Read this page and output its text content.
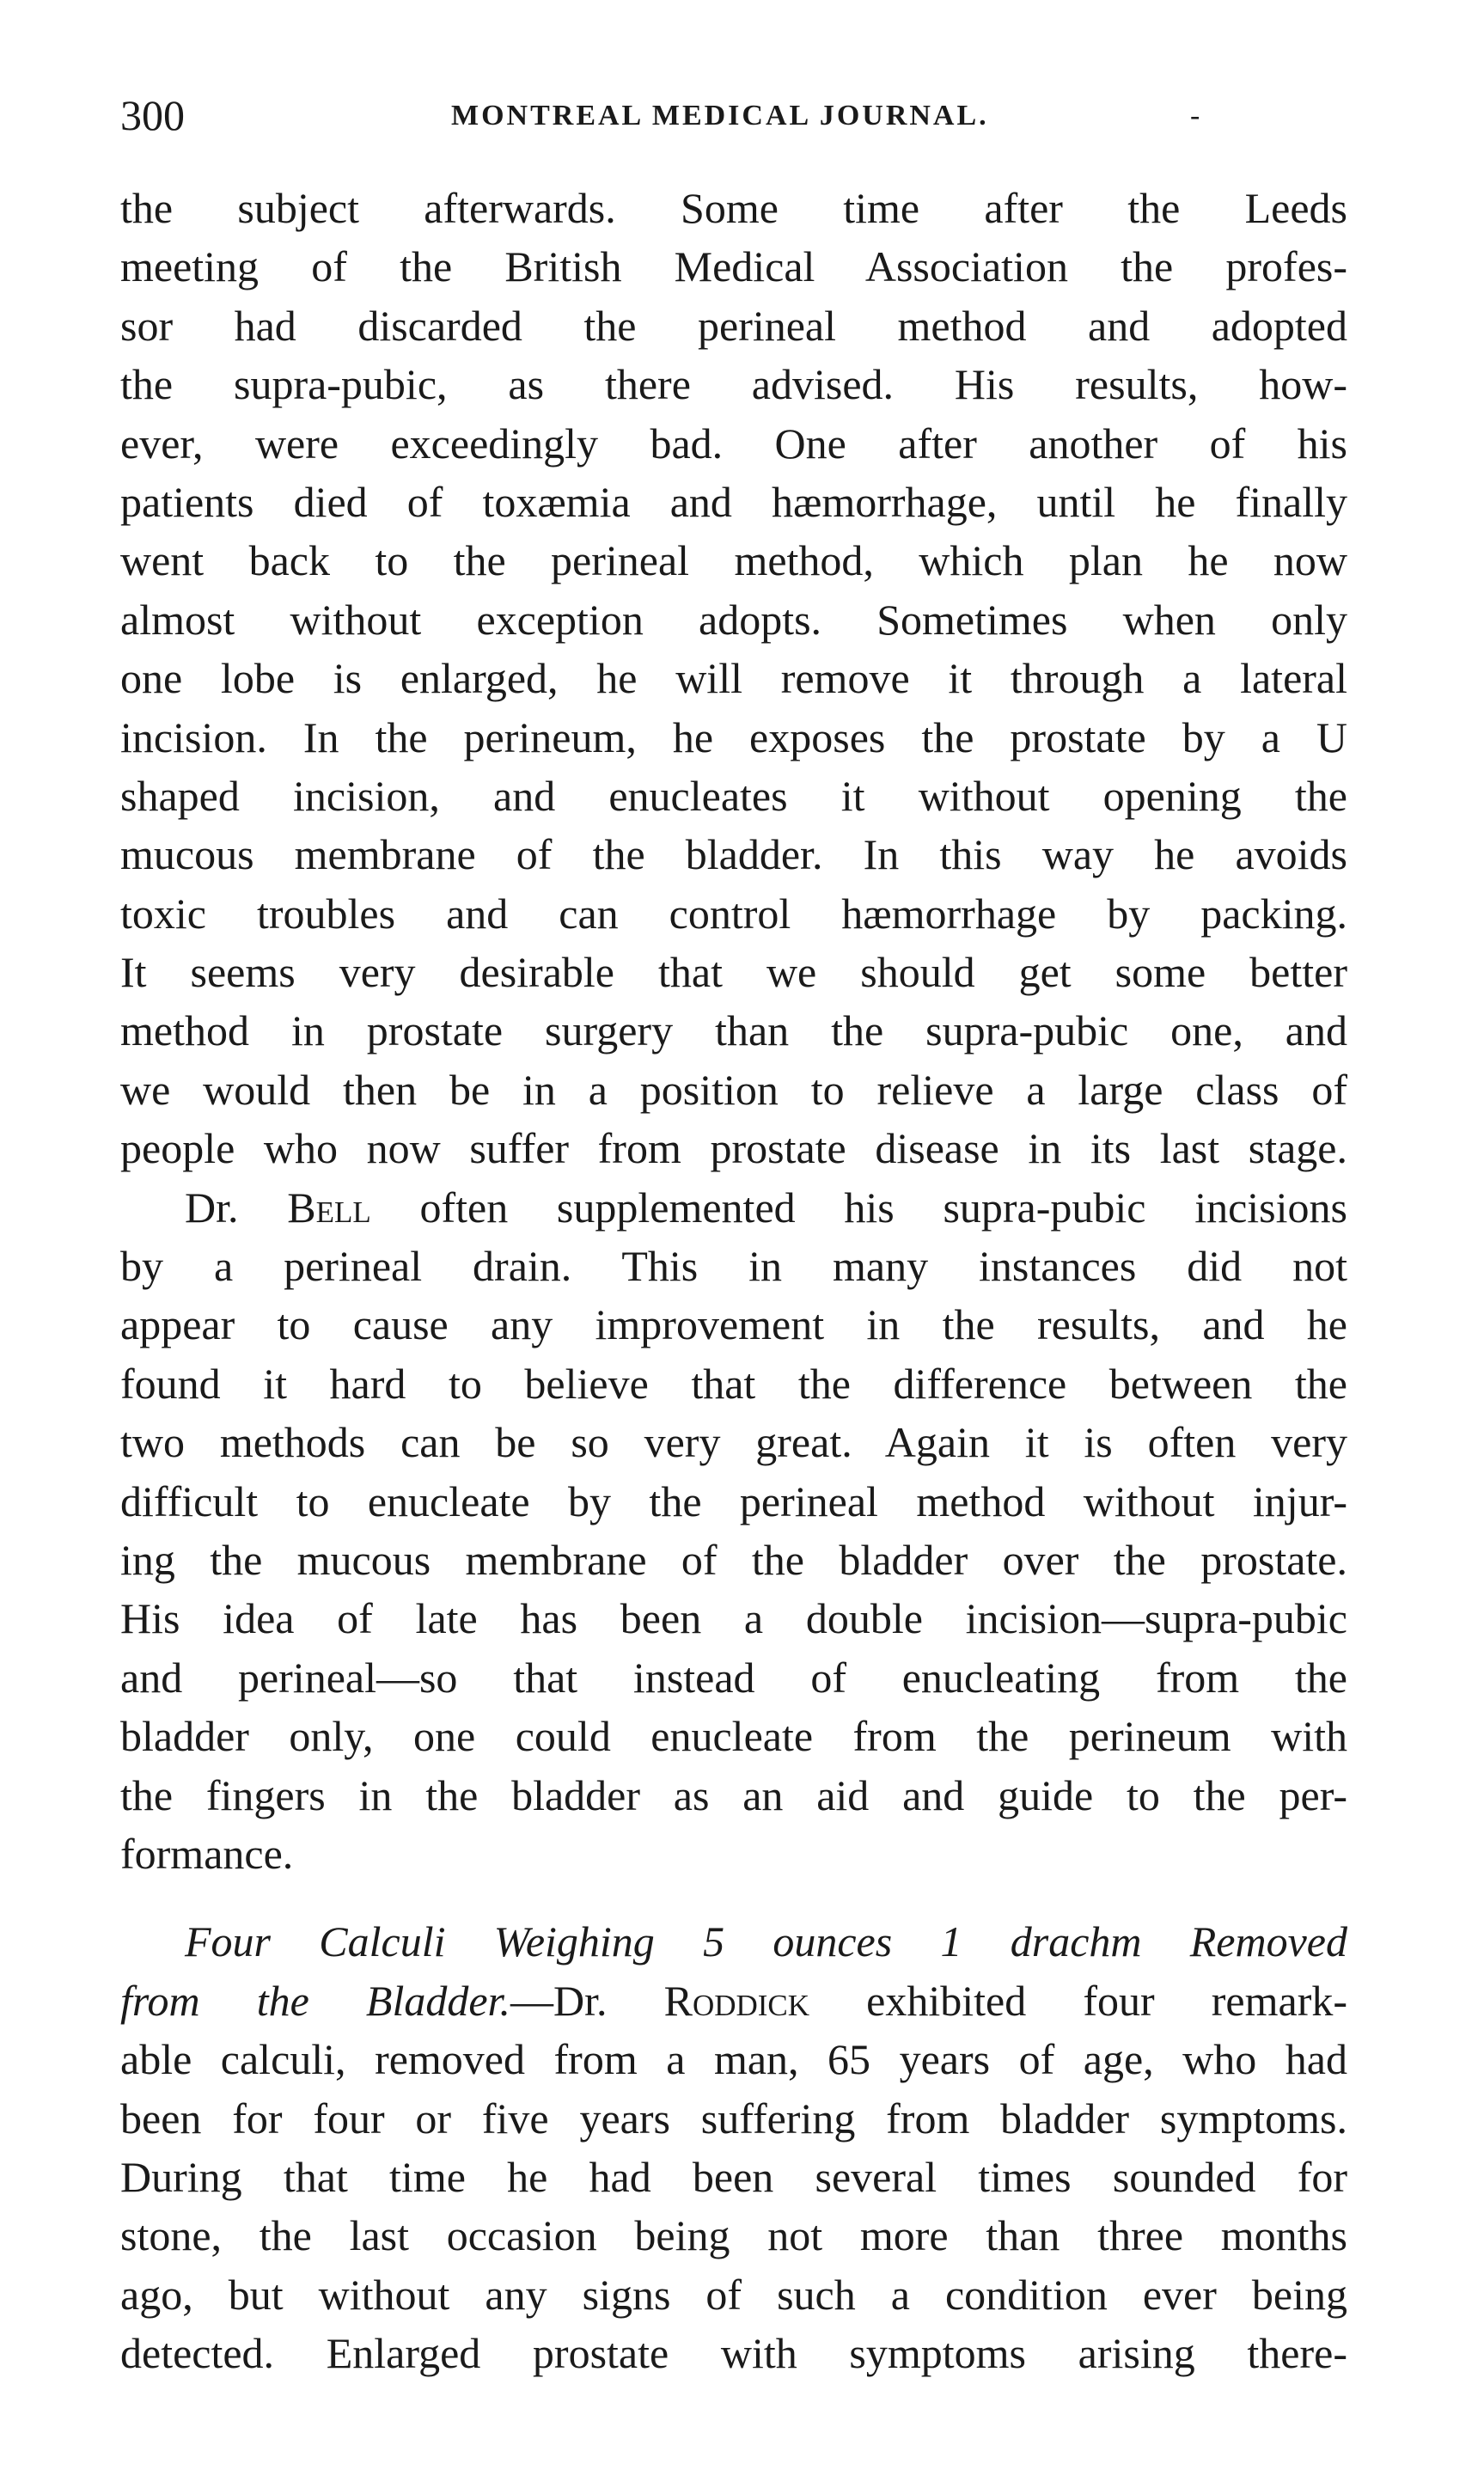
300	MONTREAL MEDICAL JOURNAL.	-
the subject afterwards. Some time after the Leeds
meeting of the British Medical Association the profes-
sor had discarded the perineal method and adopted
the supra-pubic, as there advised. His results, how-
ever, were exceedingly bad. One after another of his
patients died of toxæmia and hæmorrhage, until he finally
went back to the perineal method, which plan he now
almost without exception adopts. Sometimes when only
one lobe is enlarged, he will remove it through a lateral
incision. In the perineum, he exposes the prostate by a U
shaped incision, and enucleates it without opening the
mucous membrane of the bladder. In this way he avoids
toxic troubles and can control hæmorrhage by packing.
It seems very desirable that we should get some better
method in prostate surgery than the supra-pubic one, and
we would then be in a position to relieve a large class of
people who now suffer from prostate disease in its last stage.
Dr. Bell often supplemented his supra-pubic incisions
by a perineal drain. This in many instances did not
appear to cause any improvement in the results, and he
found it hard to believe that the difference between the
two methods can be so very great. Again it is often very
difficult to enucleate by the perineal method without injur-
ing the mucous membrane of the bladder over the prostate.
His idea of late has been a double incision—supra-pubic
and perineal—so that instead of enucleating from the
bladder only, one could enucleate from the perineum with
the fingers in the bladder as an aid and guide to the per-
formance.
Four Calculi Weighing 5 ounces 1 drachm Removed
from the Bladder.—Dr. Roddick exhibited four remark-
able calculi, removed from a man, 65 years of age, who had
been for four or five years suffering from bladder symptoms.
During that time he had been several times sounded for
stone, the last occasion being not more than three months
ago, but without any signs of such a condition ever being
detected. Enlarged prostate with symptoms arising there-
